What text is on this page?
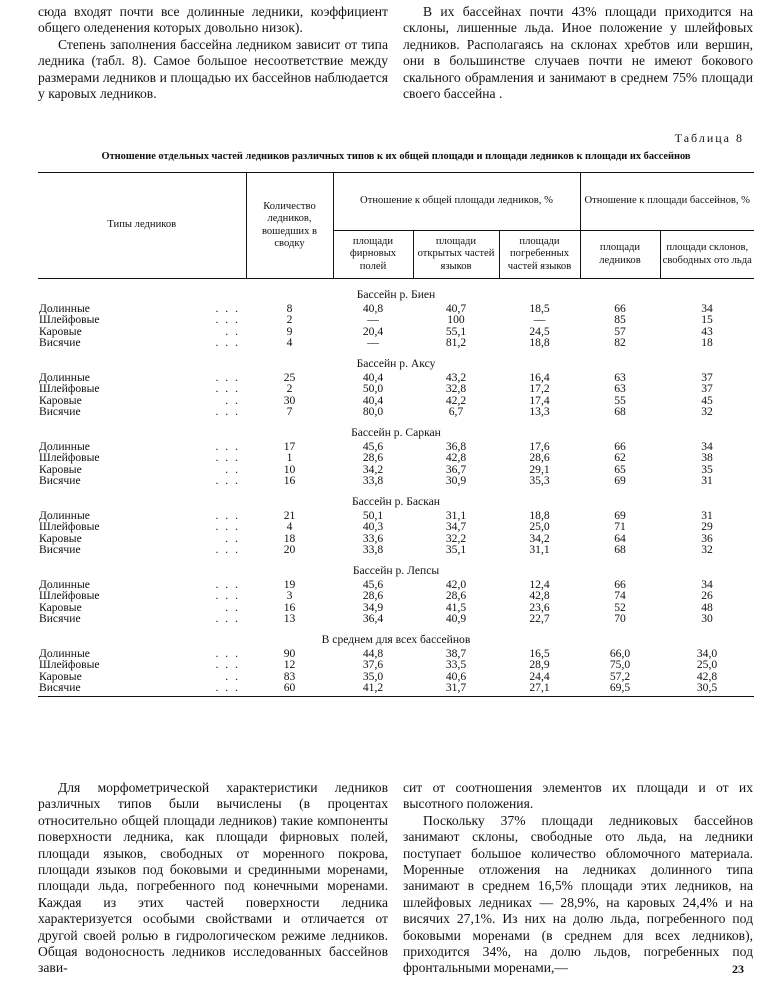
сюда входят почти все долинные ледники, коэффициент общего оледенения которых довольно низок).

Степень заполнения бассейна ледником зависит от типа ледника (табл. 8). Самое большое несоответствие между размерами ледников и площадью их бассейнов наблюдается у каровых ледников.

В их бассейнах почти 43% площади приходится на склоны, лишенные льда. Иное положение у шлейфовых ледников. Располагаясь на склонах хребтов или вершин, они в большинстве случаев почти не имеют бокового скального обрамления и занимают в среднем 75% площади своего бассейна .

Таблица 8
Отношение отдельных частей ледников различных типов к их общей площади и площади ледников к площади их бассейнов
Типы ледников	Количество ледников, вошедших в сводку	Отношение к общей площади ледников, %			Отношение к площади бассейнов, %	
		площади фирновых полей	площади открытых частей языков	площади погребенных частей языков	площади ледников	площади склонов, свободных ото льда
Бассейн р. Биен						

. . .
Долинные	8	40,8	40,7	18,5	66	34

. . .
Шлейфовые	2	—	100	—	85	15

. .
Каровые	9	20,4	55,1	24,5	57	43

. . .
Висячие	4	—	81,2	18,8	82	18
Бассейн р. Аксу						

. . .
Долинные	25	40,4	43,2	16,4	63	37

. . .
Шлейфовые	2	50,0	32,8	17,2	63	37

. .
Каровые	30	40,4	42,2	17,4	55	45

. . .
Висячие	7	80,0	6,7	13,3	68	32
Бассейн р. Саркан						

. . .
Долинные	17	45,6	36,8	17,6	66	34

. . .
Шлейфовые	1	28,6	42,8	28,6	62	38

. .
Каровые	10	34,2	36,7	29,1	65	35

. . .
Висячие	16	33,8	30,9	35,3	69	31
Бассейн р. Баскан						

. . .
Долинные	21	50,1	31,1	18,8	69	31

. . .
Шлейфовые	4	40,3	34,7	25,0	71	29

. .
Каровые	18	33,6	32,2	34,2	64	36

. . .
Висячие	20	33,8	35,1	31,1	68	32
Бассейн р. Лепсы						

. . .
Долинные	19	45,6	42,0	12,4	66	34

. . .
Шлейфовые	3	28,6	28,6	42,8	74	26

. .
Каровые	16	34,9	41,5	23,6	52	48

. . .
Висячие	13	36,4	40,9	22,7	70	30
В среднем для всех бассейнов						

. . .
Долинные	90	44,8	38,7	16,5	66,0	34,0

. . .
Шлейфовые	12	37,6	33,5	28,9	75,0	25,0

. .
Каровые	83	35,0	40,6	24,4	57,2	42,8

. . .
Висячие	60	41,2	31,7	27,1	69,5	30,5

Для морфометрической характеристики ледников различных типов были вычислены (в процентах относительно общей площади ледников) такие компоненты поверхности ледника, как площади фирновых полей, площади языков, свободных от моренного покрова, площади языков под боковыми и срединными моренами, площади льда, погребенного под конечными моренами. Каждая из этих частей поверхности ледника характеризуется особыми свойствами и отличается от другой своей ролью в гидрологическом режиме ледников. Общая водоносность ледников исследованных бассейнов зави-

сит от соотношения элементов их площади и от их высотного положения.

Поскольку 37% площади ледниковых бассейнов занимают склоны, свободные ото льда, на ледники поступает большое количество обломочного материала. Моренные отложения на ледниках долинного типа занимают в среднем 16,5% площади этих ледников, на шлейфовых ледниках — 28,9%, на каровых 24,4% и на висячих 27,1%. Из них на долю льда, погребенного под боковыми моренами (в среднем для всех ледников), приходится 34%, на долю льдов, погребенных под фронтальными моренами,—	23
